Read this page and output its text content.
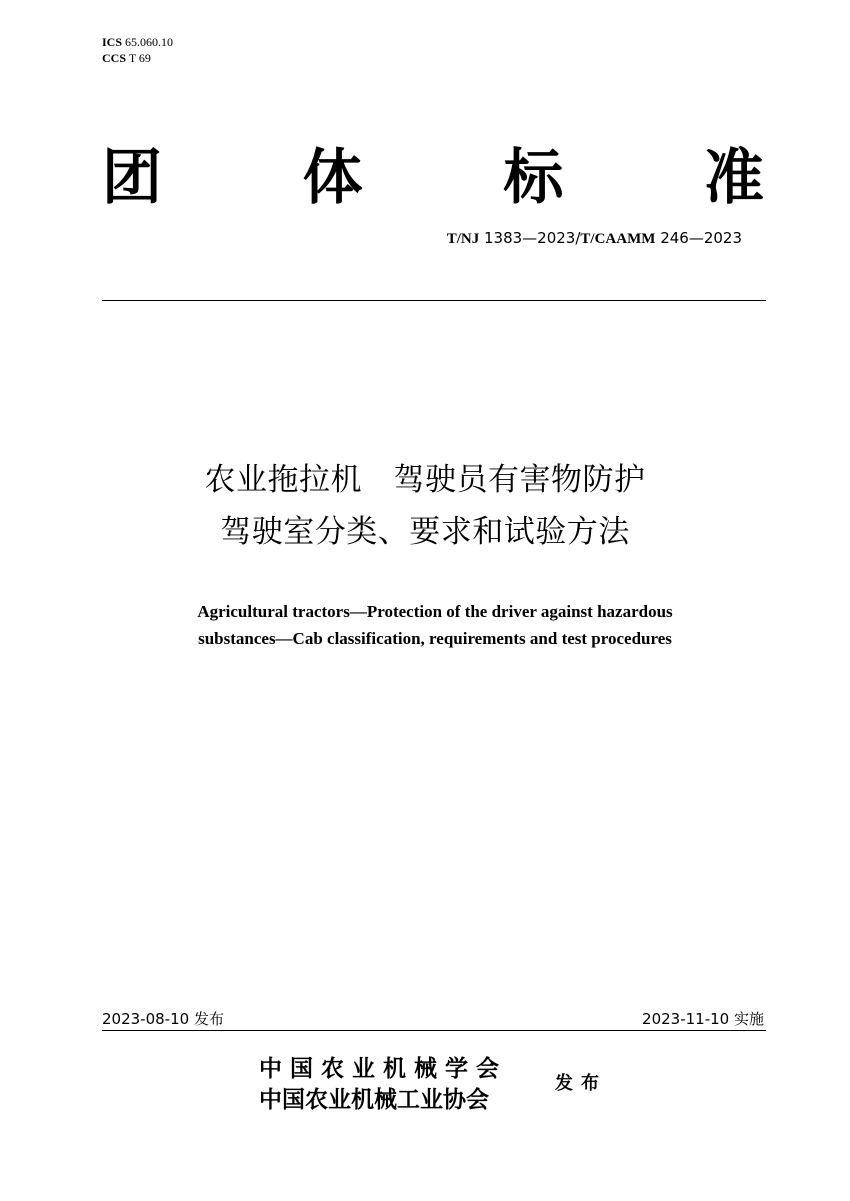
ICS 65.060.10
CCS T 69
团 体 标 准
T/NJ 1383—2023/T/CAAMM 246—2023
农业拖拉机　驾驶员有害物防护
驾驶室分类、要求和试验方法
Agricultural tractors—Protection of the driver against hazardous
substances—Cab classification, requirements and test procedures
2023-08-10 发布	2023-11-10 实施
中 国 农 业 机 械 学 会
中国农业机械工业协会
发布
